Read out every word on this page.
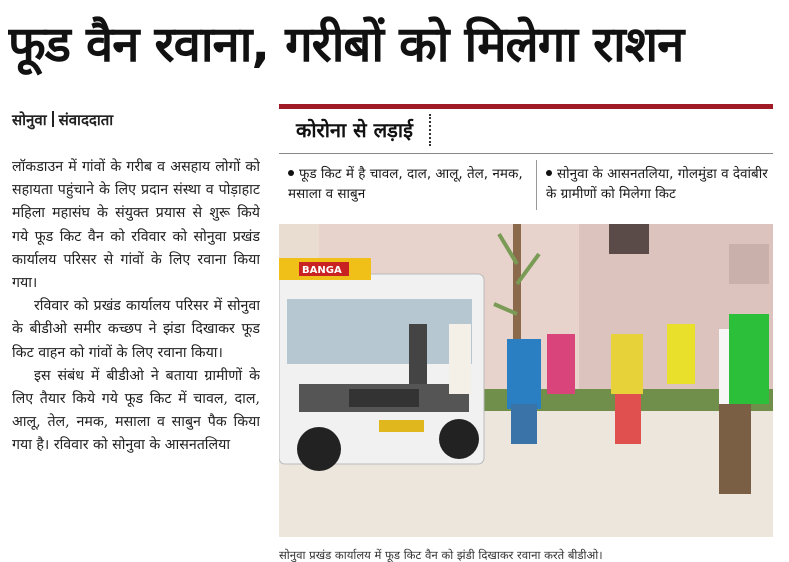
फूड वैन रवाना, गरीबों को मिलेगा राशन
सोनुवा संवाददाता

लॉकडाउन में गांवों के गरीब व असहाय लोगों को सहायता पहुंचाने के लिए प्रदान संस्था व पोड़ाहाट महिला महासंघ के संयुक्त प्रयास से शुरू किये गये फूड किट वैन को रविवार को सोनुवा प्रखंड कार्यालय परिसर से गांवों के लिए रवाना किया गया।

रविवार को प्रखंड कार्यालय परिसर में सोनुवा के बीडीओ समीर कच्छप ने झंडा दिखाकर फूड किट वाहन को गांवों के लिए रवाना किया।

इस संबंध में बीडीओ ने बताया ग्रामीणों के लिए तैयार किये गये फूड किट में चावल, दाल, आलू, तेल, नमक, मसाला व साबुन पैक किया गया है। रविवार को सोनुवा के आसनतलिया

कोरोना से लड़ाई
फूड किट में है चावल, दाल, आलू, तेल, नमक, मसाला व साबुन
सोनुवा के आसनतलिया, गोलमुंडा व देवांबीर के ग्रामीणों को मिलेगा किट
BANGA
सोनुवा प्रखंड कार्यालय में फूड किट वैन को झंडी दिखाकर रवाना करते बीडीओ।
